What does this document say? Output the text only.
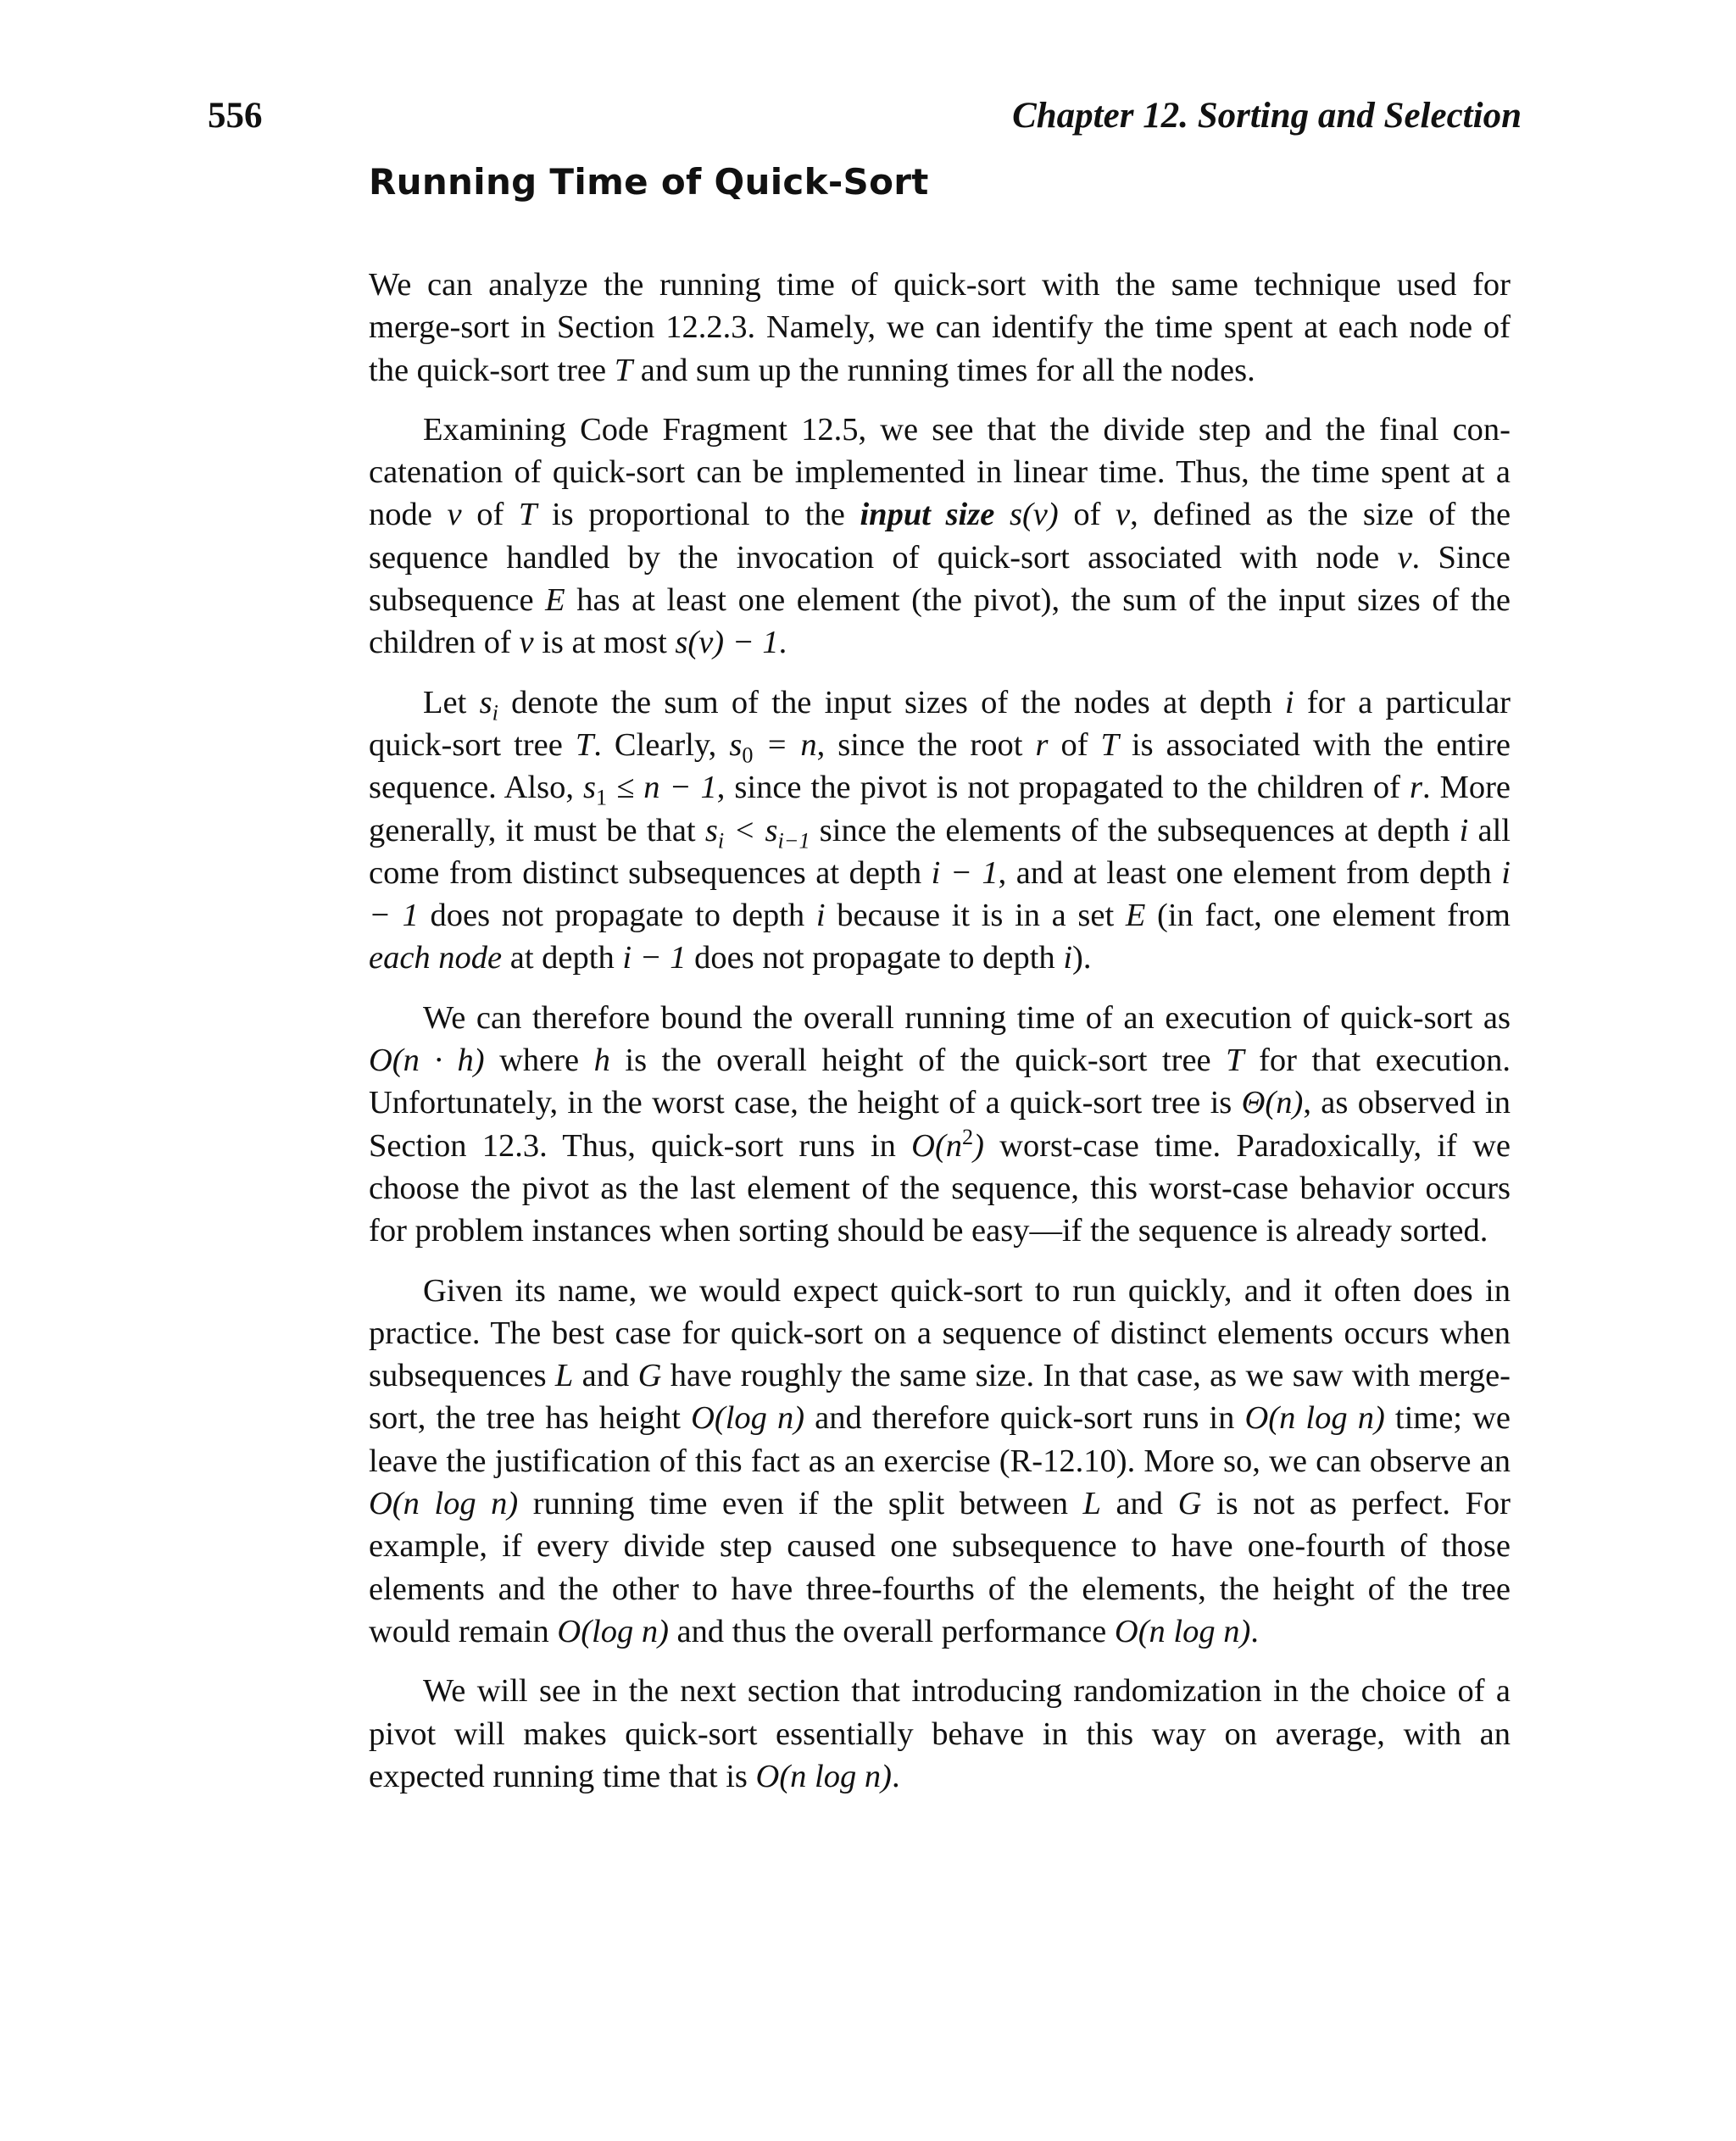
556	Chapter 12. Sorting and Selection
Running Time of Quick-Sort

We can analyze the running time of quick-sort with the same technique used for merge-sort in Section 12.2.3. Namely, we can identify the time spent at each node of the quick-sort tree T and sum up the running times for all the nodes.

Examining Code Fragment 12.5, we see that the divide step and the final concatenation of quick-sort can be implemented in linear time. Thus, the time spent at a node v of T is proportional to the input size s(v) of v, defined as the size of the sequence handled by the invocation of quick-sort associated with node v. Since subsequence E has at least one element (the pivot), the sum of the input sizes of the children of v is at most s(v) − 1.

Let $s_i$ denote the sum of the input sizes of the nodes at depth i for a particular quick-sort tree T. Clearly, $s_0 = n$, since the root r of T is associated with the entire sequence. Also, $s_1 \le n - 1$, since the pivot is not propagated to the children of r. More generally, it must be that $s_i < s_{i-1}$ since the elements of the subsequences at depth i all come from distinct subsequences at depth i − 1, and at least one element from depth i − 1 does not propagate to depth i because it is in a set E (in fact, one element from each node at depth i − 1 does not propagate to depth i).

We can therefore bound the overall running time of an execution of quick-sort as O(n · h) where h is the overall height of the quick-sort tree T for that execution. Unfortunately, in the worst case, the height of a quick-sort tree is Θ(n), as observed in Section 12.3. Thus, quick-sort runs in $O(n^2)$ worst-case time. Paradoxically, if we choose the pivot as the last element of the sequence, this worst-case behavior occurs for problem instances when sorting should be easy—if the sequence is already sorted.

Given its name, we would expect quick-sort to run quickly, and it often does in practice. The best case for quick-sort on a sequence of distinct elements occurs when subsequences L and G have roughly the same size. In that case, as we saw with merge-sort, the tree has height O(log n) and therefore quick-sort runs in O(n log n) time; we leave the justification of this fact as an exercise (R-12.10). More so, we can observe an O(n log n) running time even if the split between L and G is not as perfect. For example, if every divide step caused one subsequence to have one-fourth of those elements and the other to have three-fourths of the elements, the height of the tree would remain O(log n) and thus the overall performance O(n log n).

We will see in the next section that introducing randomization in the choice of a pivot will makes quick-sort essentially behave in this way on average, with an expected running time that is O(n log n).
